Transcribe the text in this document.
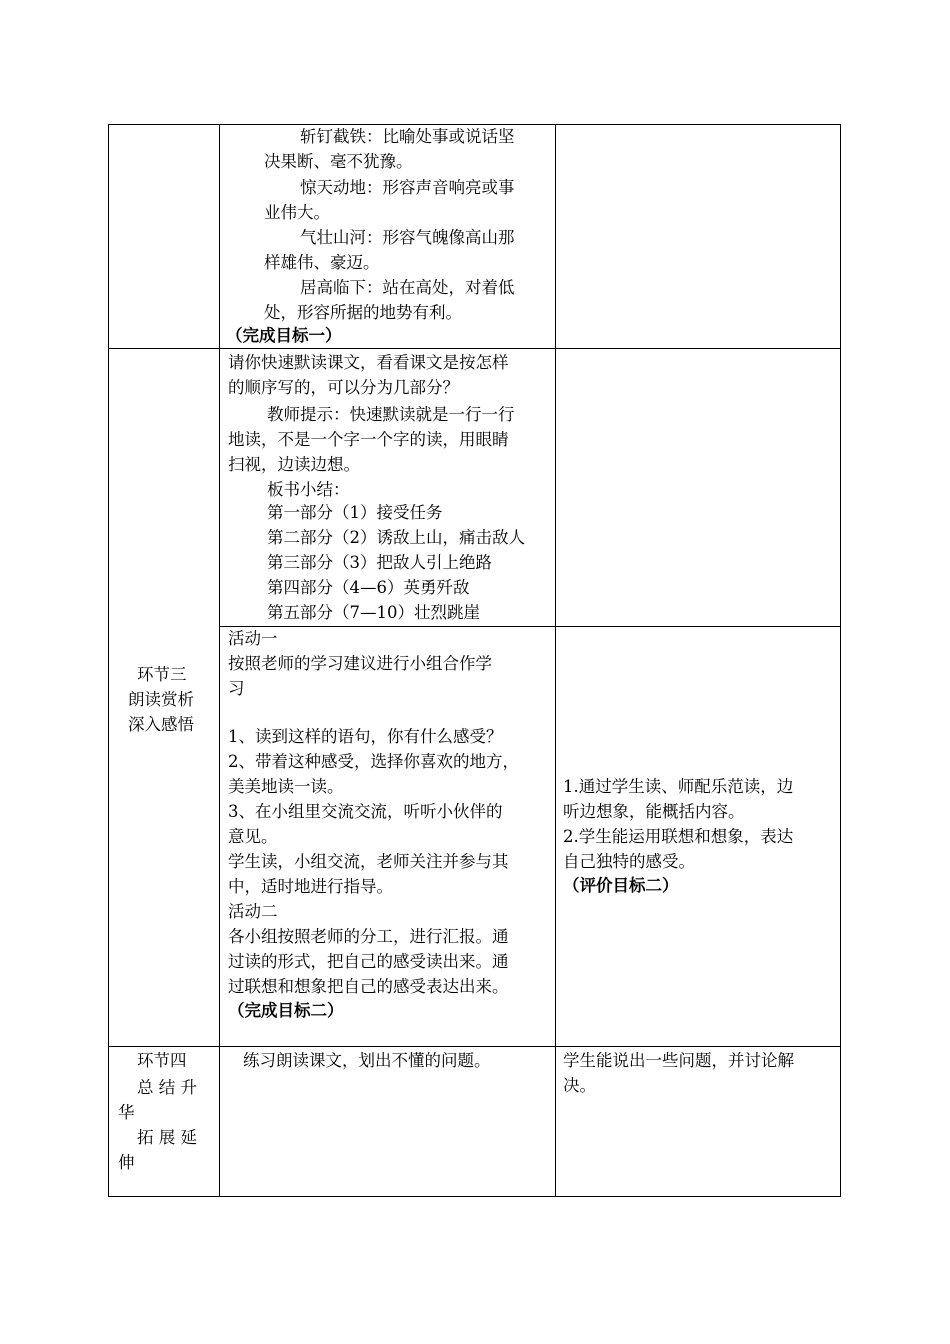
斩钉截铁：比喻处事或说话坚
决果断、毫不犹豫。
惊天动地：形容声音响亮或事
业伟大。
气壮山河：形容气魄像高山那
样雄伟、豪迈。
居高临下：站在高处，对着低
处，形容所据的地势有利。
（完成目标一）
请你快速默读课文，看看课文是按怎样
的顺序写的，可以分为几部分？
教师提示：快速默读就是一行一行
地读，不是一个字一个字的读，用眼睛
扫视，边读边想。
板书小结：
第一部分（1）接受任务
第二部分（2）诱敌上山，痛击敌人
第三部分（3）把敌人引上绝路
第四部分（4—6）英勇歼敌
第五部分（7—10）壮烈跳崖
环节三
朗读赏析
深入感悟
活动一
按照老师的学习建议进行小组合作学
习
1、读到这样的语句，你有什么感受？
2、带着这种感受，选择你喜欢的地方，
美美地读一读。
3、在小组里交流交流，听听小伙伴的
意见。
学生读，小组交流，老师关注并参与其
中，适时地进行指导。
活动二
各小组按照老师的分工，进行汇报。通
过读的形式，把自己的感受读出来。通
过联想和想象把自己的感受表达出来。
（完成目标二）
1.通过学生读、师配乐范读，边
听边想象，能概括内容。
2.学生能运用联想和想象，表达
自己独特的感受。
（评价目标二）
环节四
总 结 升
华
拓 展 延
伸
练习朗读课文，划出不懂的问题。	学生能说出一些问题，并讨论解
决。
